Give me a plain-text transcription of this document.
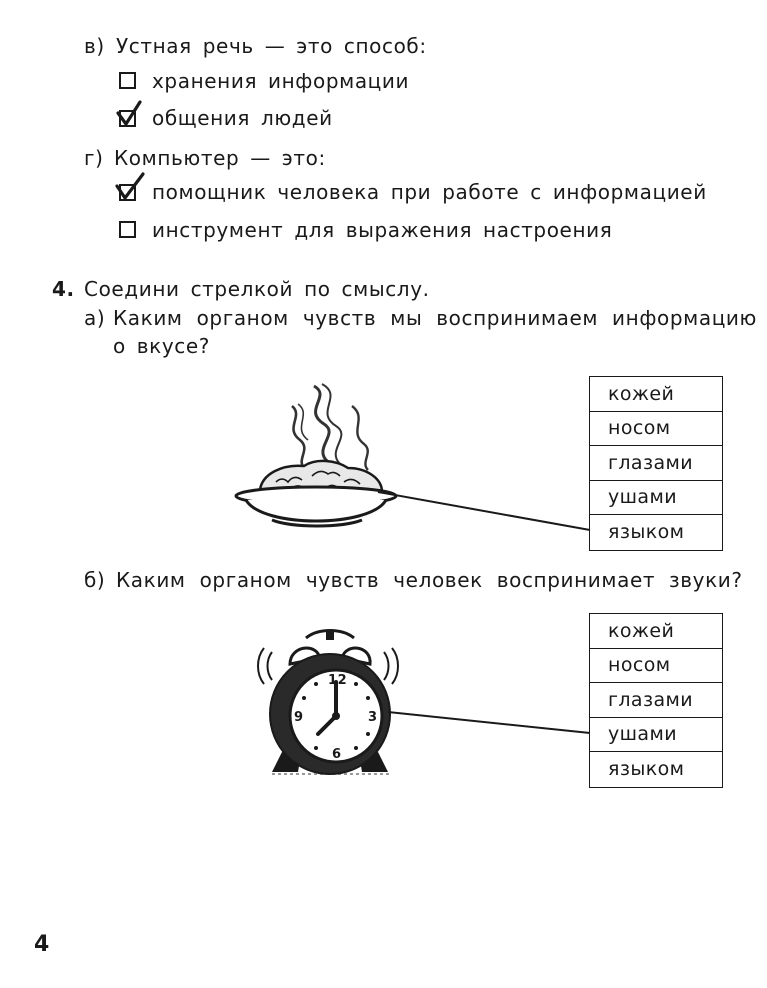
в) Устная речь — это способ:
хранения информации
общения людей
г) Компьютер — это:
помощник человека при работе с информацией
инструмент для выражения настроения
4. Соедини стрелкой по смыслу.
а) Каким органом чувств мы воспринимаем информацию
о вкусе?
кожей
носом
глазами
ушами
языком
б) Каким органом чувств человек воспринимает звуки?
12
3
6
9
кожей
носом
глазами
ушами
языком
4
